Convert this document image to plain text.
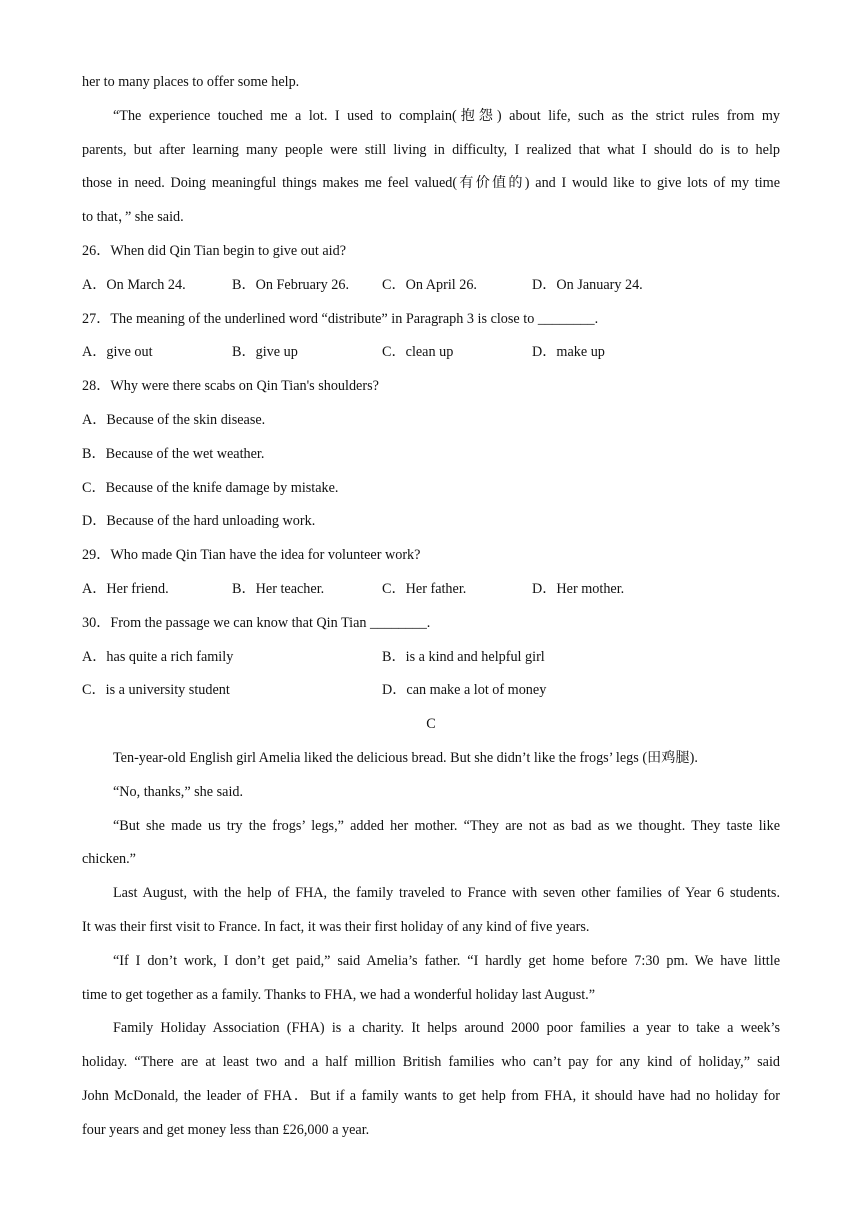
her to many places to offer some help.
“The experience touched me a lot. I used to complain(抱怨) about life, such as the strict rules from my
parents, but after learning many people were still living in difficulty, I realized that what I should do is to help
those in need. Doing meaningful things makes me feel valued(有价值的) and I would like to give lots of my time
to that，” she said.
26．When did Qin Tian begin to give out aid?
A．On March 24.	B．On February 26.	C．On April 26.	D．On January 24.
27．The meaning of the underlined word “distribute” in Paragraph 3 is close to ________.
A．give out	B．give up	C．clean up	D．make up
28．Why were there scabs on Qin Tian's shoulders?
A．Because of the skin disease.
B．Because of the wet weather.
C．Because of the knife damage by mistake.
D．Because of the hard unloading work.
29．Who made Qin Tian have the idea for volunteer work?
A．Her friend.	B．Her teacher.	C．Her father.	D．Her mother.
30．From the passage we can know that Qin Tian ________.
A．has quite a rich family	B．is a kind and helpful girl
C．is a university student	D．can make a lot of money
C
Ten-year-old English girl Amelia liked the delicious bread. But she didn’t like the frogs’ legs (田鸡腿).
“No, thanks,” she said.
“But she made us try the frogs’ legs,” added her mother. “They are not as bad as we thought. They taste like
chicken.”
Last August, with the help of FHA, the family traveled to France with seven other families of Year 6 students.
It was their first visit to France. In fact, it was their first holiday of any kind of five years.
“If I don’t work, I don’t get paid,” said Amelia’s father. “I hardly get home before 7:30 pm. We have little
time to get together as a family. Thanks to FHA, we had a wonderful holiday last August.”
Family Holiday Association (FHA) is a charity. It helps around 2000 poor families a year to take a week’s
holiday. “There are at least two and a half million British families who can’t pay for any kind of holiday,” said
John McDonald, the leader of FHA．But if a family wants to get help from FHA, it should have had no holiday for
four years and get money less than £26,000 a year.
